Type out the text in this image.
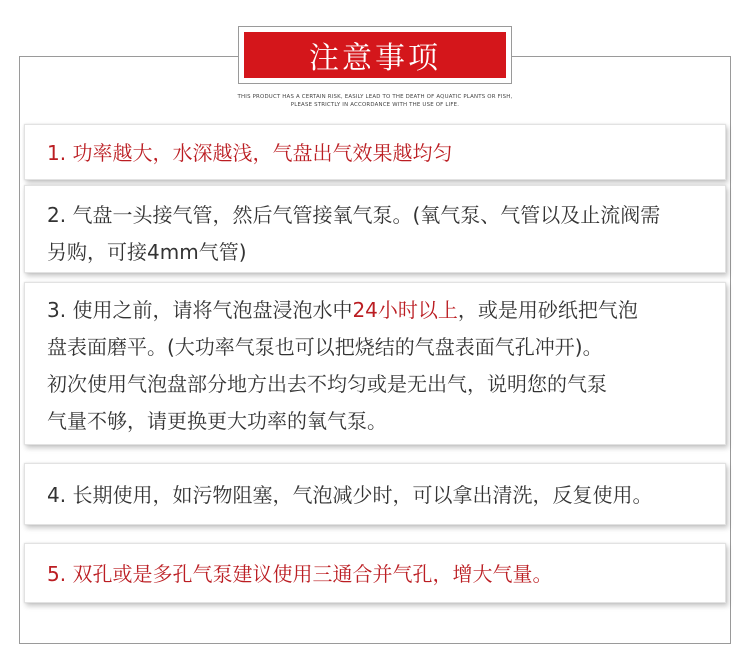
注意事项
THIS PRODUCT HAS A CERTAIN RISK, EASILY LEAD TO THE DEATH OF AQUATIC PLANTS OR FISH,
PLEASE STRICTLY IN ACCORDANCE WITH THE USE OF LIFE.
1. 功率越大，水深越浅，气盘出气效果越均匀
2. 气盘一头接气管，然后气管接氧气泵。(氧气泵、气管以及止流阀需
另购，可接4mm气管)
3. 使用之前，请将气泡盘浸泡水中24小时以上，或是用砂纸把气泡
盘表面磨平。(大功率气泵也可以把烧结的气盘表面气孔冲开)。
初次使用气泡盘部分地方出去不均匀或是无出气，说明您的气泵
气量不够，请更换更大功率的氧气泵。
4. 长期使用，如污物阻塞，气泡减少时，可以拿出清洗，反复使用。
5. 双孔或是多孔气泵建议使用三通合并气孔，增大气量。
